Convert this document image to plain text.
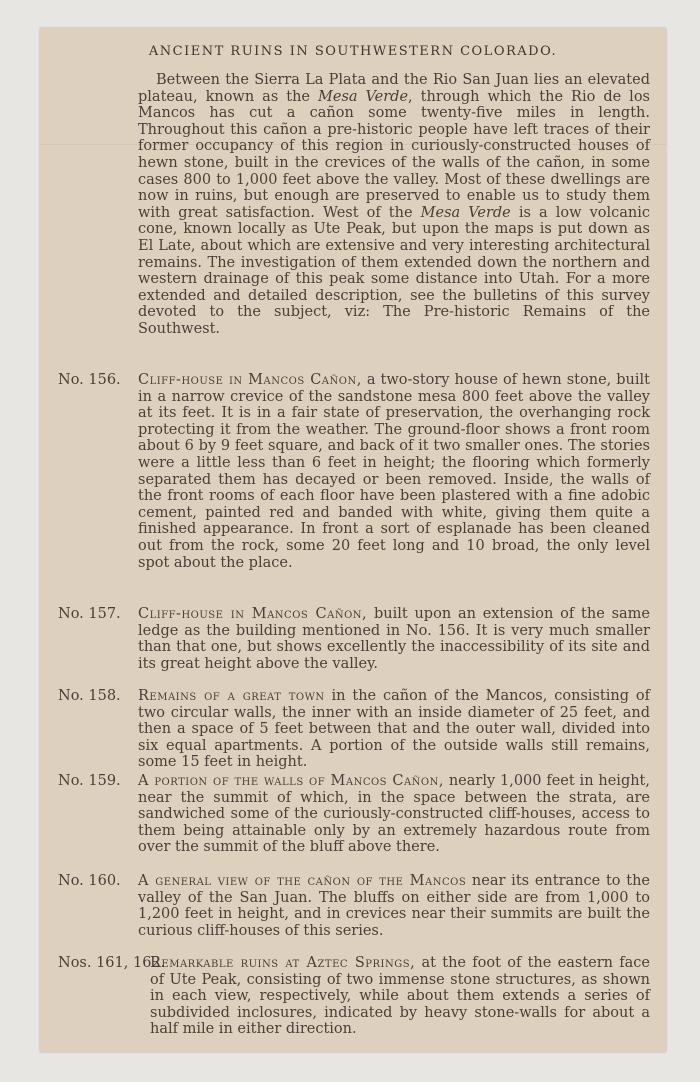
ANCIENT RUINS IN SOUTHWESTERN COLORADO.

Between the Sierra La Plata and the Rio San Juan lies an elevated plateau, known as the Mesa Verde, through which the Rio de los Mancos has cut a cañon some twenty-five miles in length. Throughout this cañon a pre-historic people have left traces of their former occupancy of this region in curiously-constructed houses of hewn stone, built in the crevices of the walls of the cañon, in some cases 800 to 1,000 feet above the valley. Most of these dwellings are now in ruins, but enough are preserved to enable us to study them with great satisfaction. West of the Mesa Verde is a low volcanic cone, known locally as Ute Peak, but upon the maps is put down as El Late, about which are extensive and very interesting architectural remains. The investigation of them extended down the northern and western drainage of this peak some distance into Utah. For a more extended and detailed description, see the bulletins of this survey devoted to the subject, viz: The Pre-historic Remains of the Southwest.

No. 156. Cliff-house in Mancos Cañon, a two-story house of hewn stone, built in a narrow crevice of the sandstone mesa 800 feet above the valley at its feet. It is in a fair state of preservation, the overhanging rock protecting it from the weather. The ground-floor shows a front room about 6 by 9 feet square, and back of it two smaller ones. The stories were a little less than 6 feet in height; the flooring which formerly separated them has decayed or been removed. Inside, the walls of the front rooms of each floor have been plastered with a fine adobic cement, painted red and banded with white, giving them quite a finished appearance. In front a sort of esplanade has been cleaned out from the rock, some 20 feet long and 10 broad, the only level spot about the place.
No. 157. Cliff-house in Mancos Cañon, built upon an extension of the same ledge as the building mentioned in No. 156. It is very much smaller than that one, but shows excellently the inaccessibility of its site and its great height above the valley.
No. 158. Remains of a great town in the cañon of the Mancos, consisting of two circular walls, the inner with an inside diameter of 25 feet, and then a space of 5 feet between that and the outer wall, divided into six equal apartments. A portion of the outside walls still remains, some 15 feet in height.
No. 159. A portion of the walls of Mancos Cañon, nearly 1,000 feet in height, near the summit of which, in the space between the strata, are sandwiched some of the curiously-constructed cliff-houses, access to them being attainable only by an extremely hazardous route from over the summit of the bluff above there.
No. 160. A general view of the cañon of the Mancos near its entrance to the valley of the San Juan. The bluffs on either side are from 1,000 to 1,200 feet in height, and in crevices near their summits are built the curious cliff-houses of this series.
Nos. 161, 162.
Remarkable ruins at Aztec Springs, at the foot of the eastern face of Ute Peak, consisting of two immense stone structures, as shown in each view, respectively, while about them extends a series of subdivided inclosures, indicated by heavy stone-walls for about a half mile in either direction.
